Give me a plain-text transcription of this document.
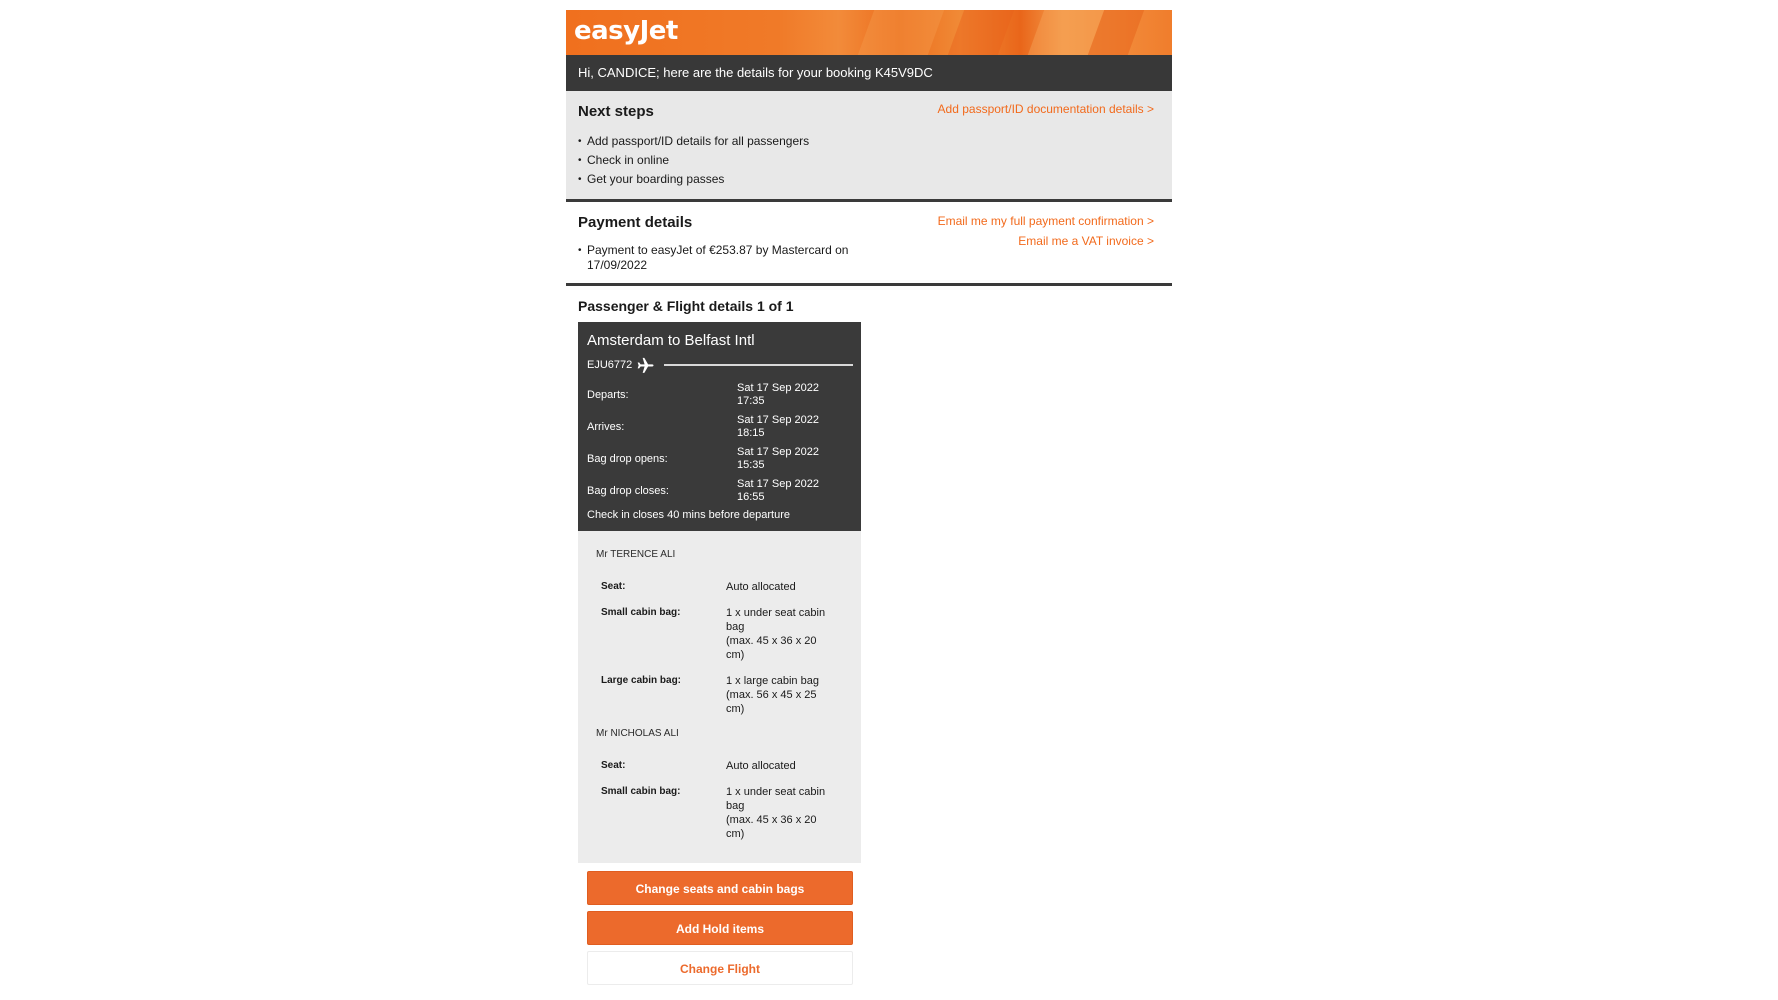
easyJet
Hi, CANDICE; here are the details for your booking K45V9DC
Next steps	Add passport/ID documentation details >
• Add passport/ID details for all passengers
• Check in online
• Get your boarding passes
Payment details	Email me my full payment confirmation >
Email me a VAT invoice >
• Payment to easyJet of €253.87 by Mastercard on 17/09/2022
Passenger & Flight details 1 of 1
Amsterdam to Belfast Intl
EJU6772
Departs:
Sat 17 Sep 2022
17:35
Arrives:
Sat 17 Sep 2022
18:15
Bag drop opens:
Sat 17 Sep 2022
15:35
Bag drop closes:
Sat 17 Sep 2022
16:55
Check in closes 40 mins before departure
Mr TERENCE ALI
Seat:	Auto allocated
Small cabin bag:	1 x under seat cabin bag
(max. 45 x 36 x 20 cm)
Large cabin bag:	1 x large cabin bag
(max. 56 x 45 x 25 cm)
Mr NICHOLAS ALI
Seat:	Auto allocated
Small cabin bag:	1 x under seat cabin bag
(max. 45 x 36 x 20 cm)
Change seats and cabin bags
Add Hold items
Change Flight
